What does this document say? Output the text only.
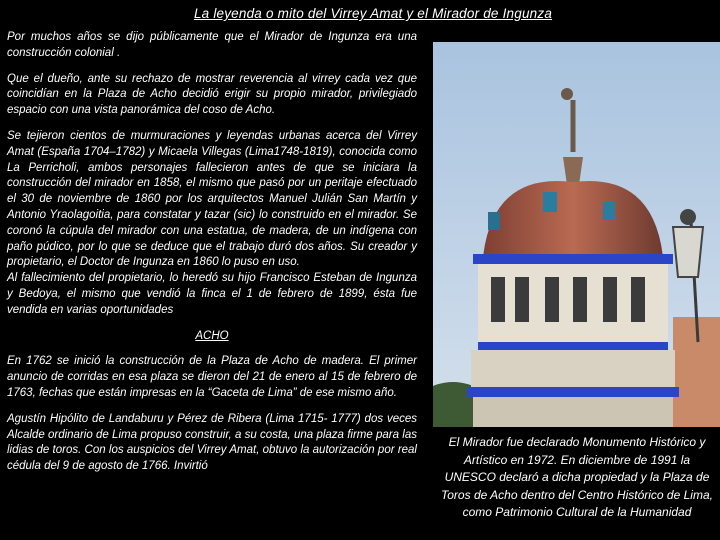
La leyenda o mito del Virrey Amat y el Mirador de Ingunza

Por muchos años se dijo públicamente que el Mirador de Ingunza era una construcción colonial .

Que el dueño, ante su rechazo de mostrar reverencia al virrey cada vez que coincidían en la Plaza de Acho decidió erigir su propio mirador, privilegiado espacio con una vista panorámica del coso de Acho.

Se tejieron cientos de murmuraciones y leyendas urbanas acerca del Virrey Amat (España 1704–1782) y Micaela Villegas (Lima1748-1819), conocida como La Perricholi, ambos personajes fallecieron antes de que se iniciara la construcción del mirador en 1858, el mismo que pasó por un peritaje efectuado el 30 de noviembre de 1860 por los arquitectos Manuel Julián San Martín y Antonio Yraolagoitia, para constatar y tazar (sic) lo construido en el mirador. Se coronó la cúpula del mirador con una estatua, de madera, de un indígena con paño púdico, por lo que se deduce que el trabajo duró dos años. Su creador y propietario, el Doctor de Ingunza en 1860 lo puso en uso.

Al fallecimiento del propietario, lo heredó su hijo Francisco Esteban de Ingunza y Bedoya, el mismo que vendió la finca el 1 de febrero de 1899, ésta fue vendida en varias oportunidades

ACHO

En 1762 se inició la construcción de la Plaza de Acho de madera. El primer anuncio de corridas en esa plaza se dieron del 21 de enero al 15 de febrero de 1763, fechas que están impresas en la “Gaceta de Lima” de ese mismo año.

Agustín Hipólito de Landaburu y Pérez de Ribera (Lima 1715- 1777) dos veces Alcalde ordinario de Lima propuso construir, a su costa, una plaza firme para las lidias de toros. Con los auspicios del Virrey Amat, obtuvo la autorización por real cédula del 9 de agosto de 1766. Invirtió

El Mirador fue declarado Monumento Histórico y Artístico en 1972. En diciembre de 1991 la UNESCO declaró a dicha propiedad y la Plaza de Toros de Acho dentro del Centro Histórico de Lima, como Patrimonio Cultural de la Humanidad
